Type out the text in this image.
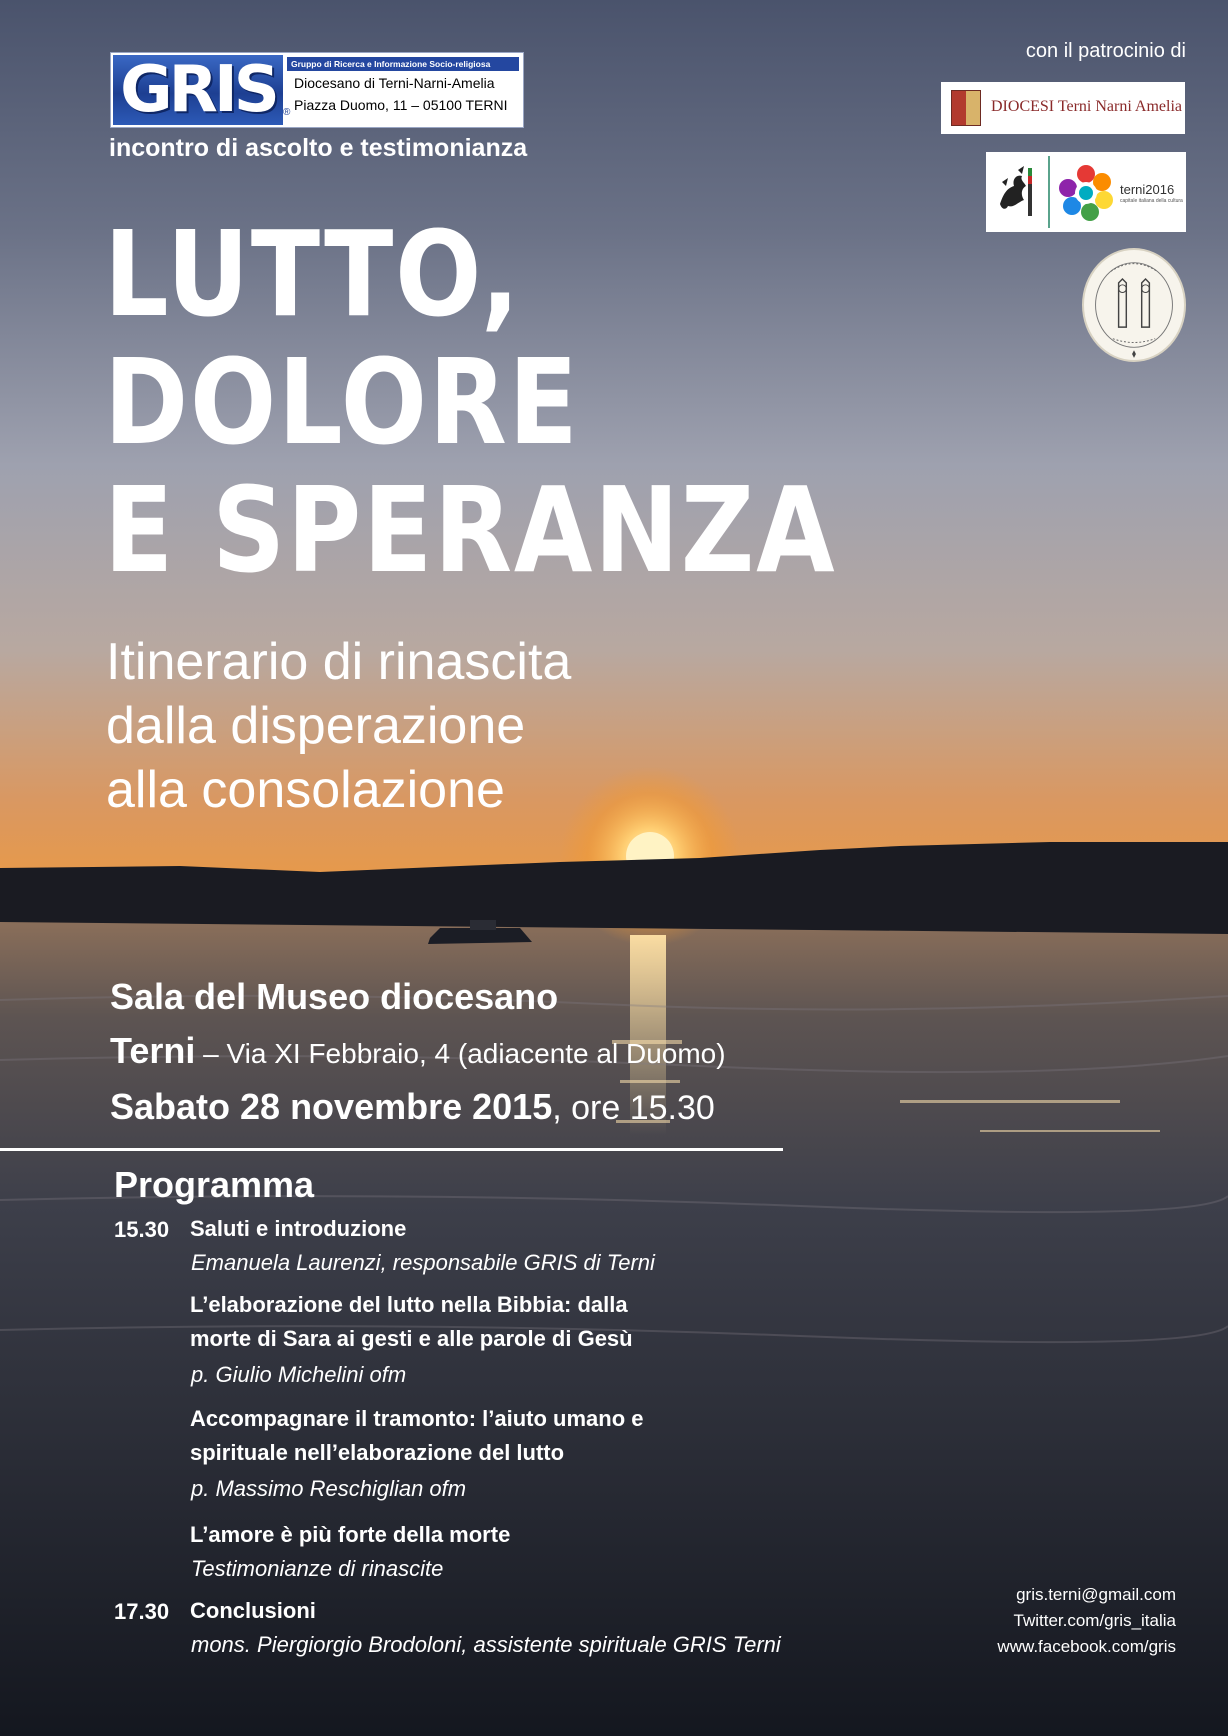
GRIS ®
Gruppo di Ricerca e Informazione Socio-religiosa
Diocesano di Terni-Narni-Amelia
Piazza Duomo, 11 – 05100 TERNI
incontro di ascolto e testimonianza
LUTTO,
DOLORE
E SPERANZA
Itinerario di rinascita
dalla disperazione
alla consolazione
con il patrocinio di
DIOCESI Terni Narni Amelia
terni2016
capitale italiana della cultura
Sala del Museo diocesano
Terni – Via XI Febbraio, 4 (adiacente al Duomo)
Sabato 28 novembre 2015, ore 15.30
Programma
15.30 Saluti e introduzione
Emanuela Laurenzi, responsabile GRIS di Terni
L’elaborazione del lutto nella Bibbia: dalla
morte di Sara ai gesti e alle parole di Gesù
p. Giulio Michelini ofm
Accompagnare il tramonto: l’aiuto umano e
spirituale nell’elaborazione del lutto
p. Massimo Reschiglian ofm
L’amore è più forte della morte
Testimonianze di rinascite
17.30 Conclusioni
mons. Piergiorgio Brodoloni, assistente spirituale GRIS Terni
gris.terni@gmail.com
Twitter.com/gris_italia
www.facebook.com/gris
